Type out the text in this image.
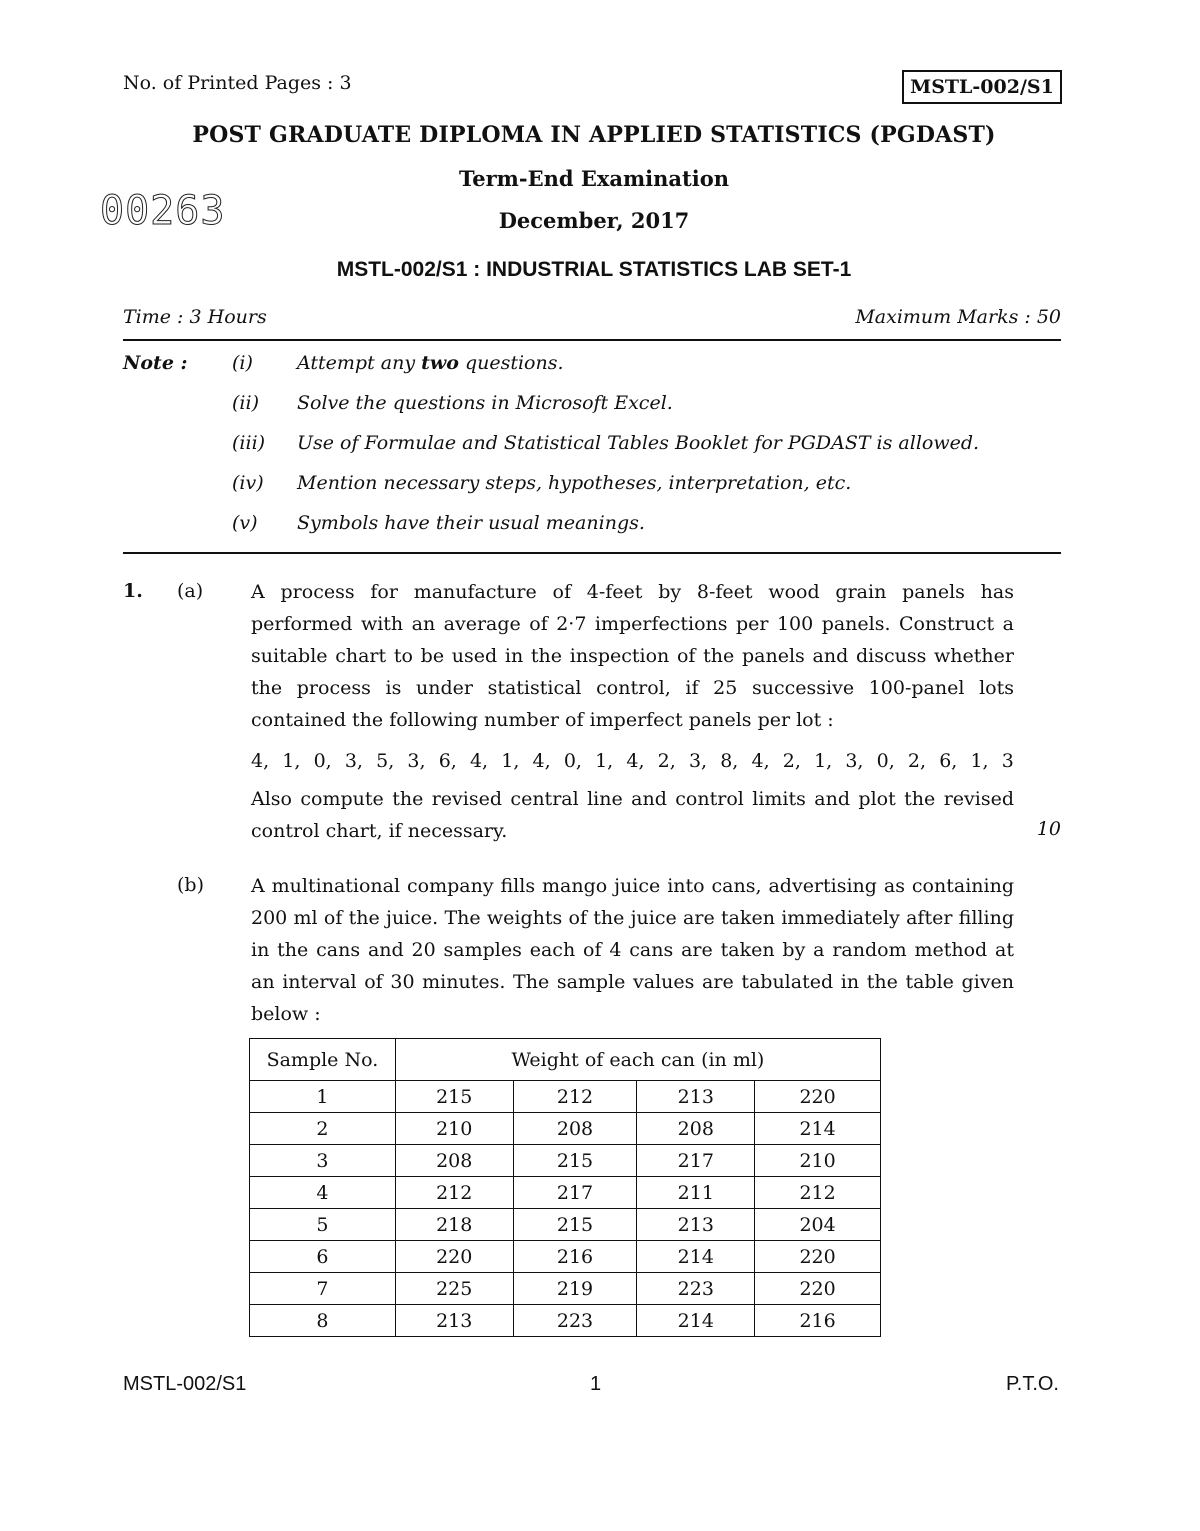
No. of Printed Pages : 3	MSTL-002/S1
POST GRADUATE DIPLOMA IN APPLIED STATISTICS (PGDAST)
Term-End Examination
00263	December, 2017
MSTL-002/S1 : INDUSTRIAL STATISTICS LAB SET-1
Time : 3 Hours	Maximum Marks : 50
Note : (i) Attempt any two questions.
(ii) Solve the questions in Microsoft Excel.
(iii) Use of Formulae and Statistical Tables Booklet for PGDAST is allowed.
(iv) Mention necessary steps, hypotheses, interpretation, etc.
(v) Symbols have their usual meanings.
1. (a)	A process for manufacture of 4-feet by 8-feet wood grain panels has performed with an average of 2·7 imperfections per 100 panels. Construct a suitable chart to be used in the inspection of the panels and discuss whether the process is under statistical control, if 25 successive 100-panel lots contained the following number of imperfect panels per lot :
4, 1, 0, 3, 5, 3, 6, 4, 1, 4, 0, 1, 4, 2, 3, 8, 4, 2, 1, 3, 0, 2, 6, 1, 3
Also compute the revised central line and control limits and plot the revised control chart, if necessary.	10
(b) A multinational company fills mango juice into cans, advertising as containing 200 ml of the juice. The weights of the juice are taken immediately after filling in the cans and 20 samples each of 4 cans are taken by a random method at an interval of 30 minutes. The sample values are tabulated in the table given below :
Sample No.	Weight of each can (in ml)			
1	215	212	213	220
2	210	208	208	214
3	208	215	217	210
4	212	217	211	212
5	218	215	213	204
6	220	216	214	220
7	225	219	223	220
8	213	223	214	216
MSTL-002/S1	1	P.T.O.
